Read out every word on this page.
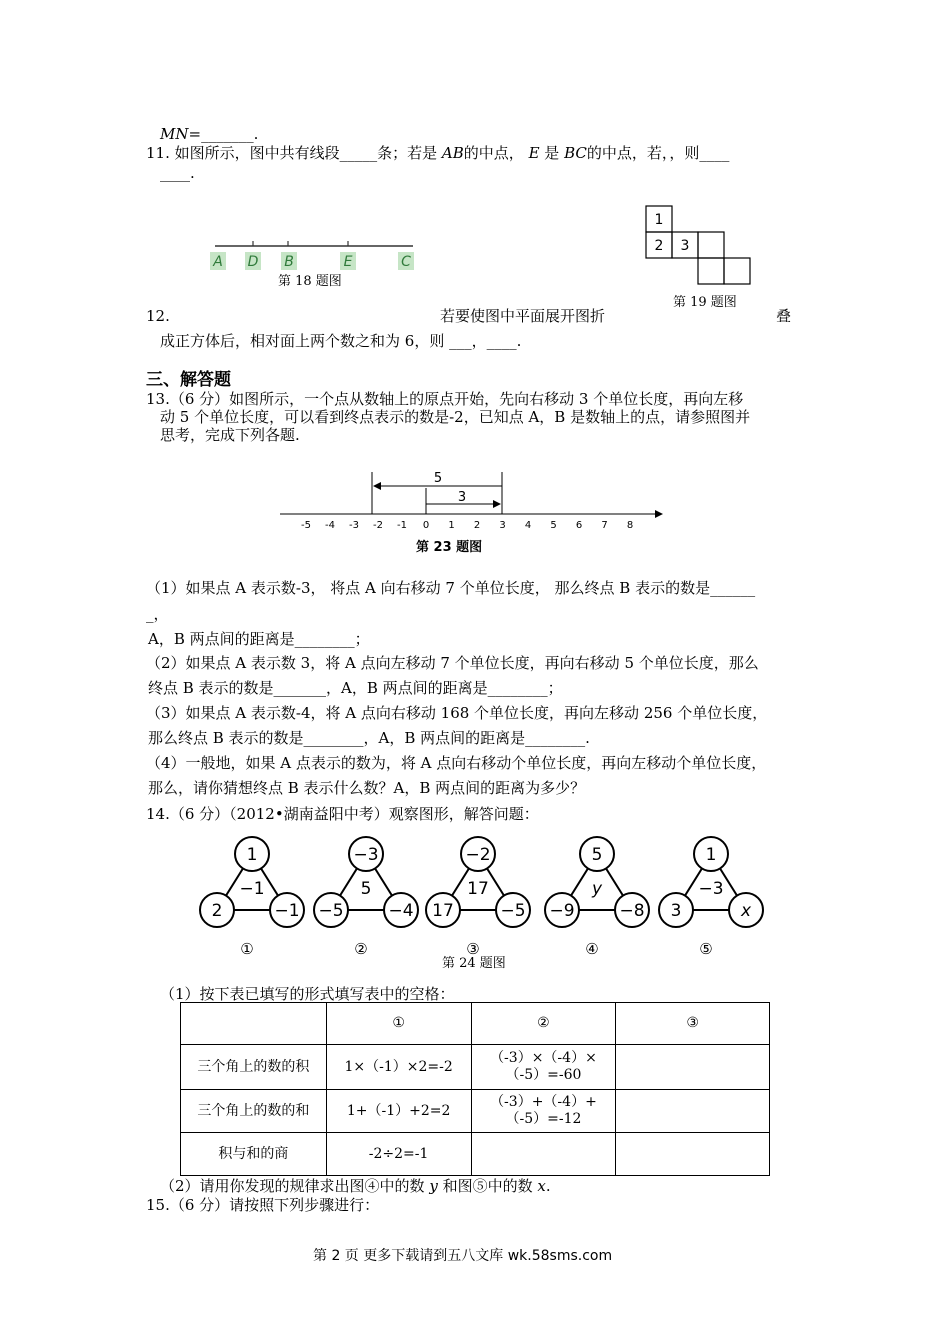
MN=_______.
11. 如图所示，图中共有线段_____条；若是 AB的中点， E 是 BC的中点，若，，则____
____.
A D B	E	C
第 18 题图
1
2 3
第 19 题图
12.	若要使图中平面展开图折	叠
成正方体后，相对面上两个数之和为 6，则 ___，____.
三、解答题
13.（6 分）如图所示，一个点从数轴上的原点开始，先向右移动 3 个单位长度，再向左移
动 5 个单位长度，可以看到终点表示的数是-2，已知点 A，B 是数轴上的点，请参照图并
思考，完成下列各题.
5
3
-5 -4 -3 -2 -1 0 1 2 3 4 5 6 7 8
第 23 题图
（1）如果点 A 表示数-3， 将点 A 向右移动 7 个单位长度， 那么终点 B 表示的数是______
_，
A，B 两点间的距离是________；
（2）如果点 A 表示数 3，将 A 点向左移动 7 个单位长度，再向右移动 5 个单位长度，那么
终点 B 表示的数是_______，A，B 两点间的距离是________；
（3）如果点 A 表示数-4，将 A 点向右移动 168 个单位长度，再向左移动 256 个单位长度，
那么终点 B 表示的数是________，A，B 两点间的距离是________.
（4）一般地，如果 A 点表示的数为，将 A 点向右移动个单位长度，再向左移动个单位长度，
那么，请你猜想终点 B 表示什么数？A，B 两点间的距离为多少？
14.（6 分）（2012•湖南益阳中考）观察图形，解答问题：
1
2	−1
−1
①
−3
−5	−4
5
②
−2
17	−5
17
③
5
−9	−8
y
④
1
3	x
−3
⑤
第 24 题图
（1）按下表已填写的形式填写表中的空格：
	①	②	③
三个角上的数的积	1×（-1）×2=-2	（-3）×（-4）×（-5）=-60	
三个角上的数的和	1+（-1）+2=2	（-3）+（-4）+（-5）=-12	
积与和的商	-2÷2=-1		
（2）请用你发现的规律求出图④中的数 y 和图⑤中的数 x.
15.（6 分）请按照下列步骤进行：
第 2 页 更多下载请到五八文库 wk.58sms.com
